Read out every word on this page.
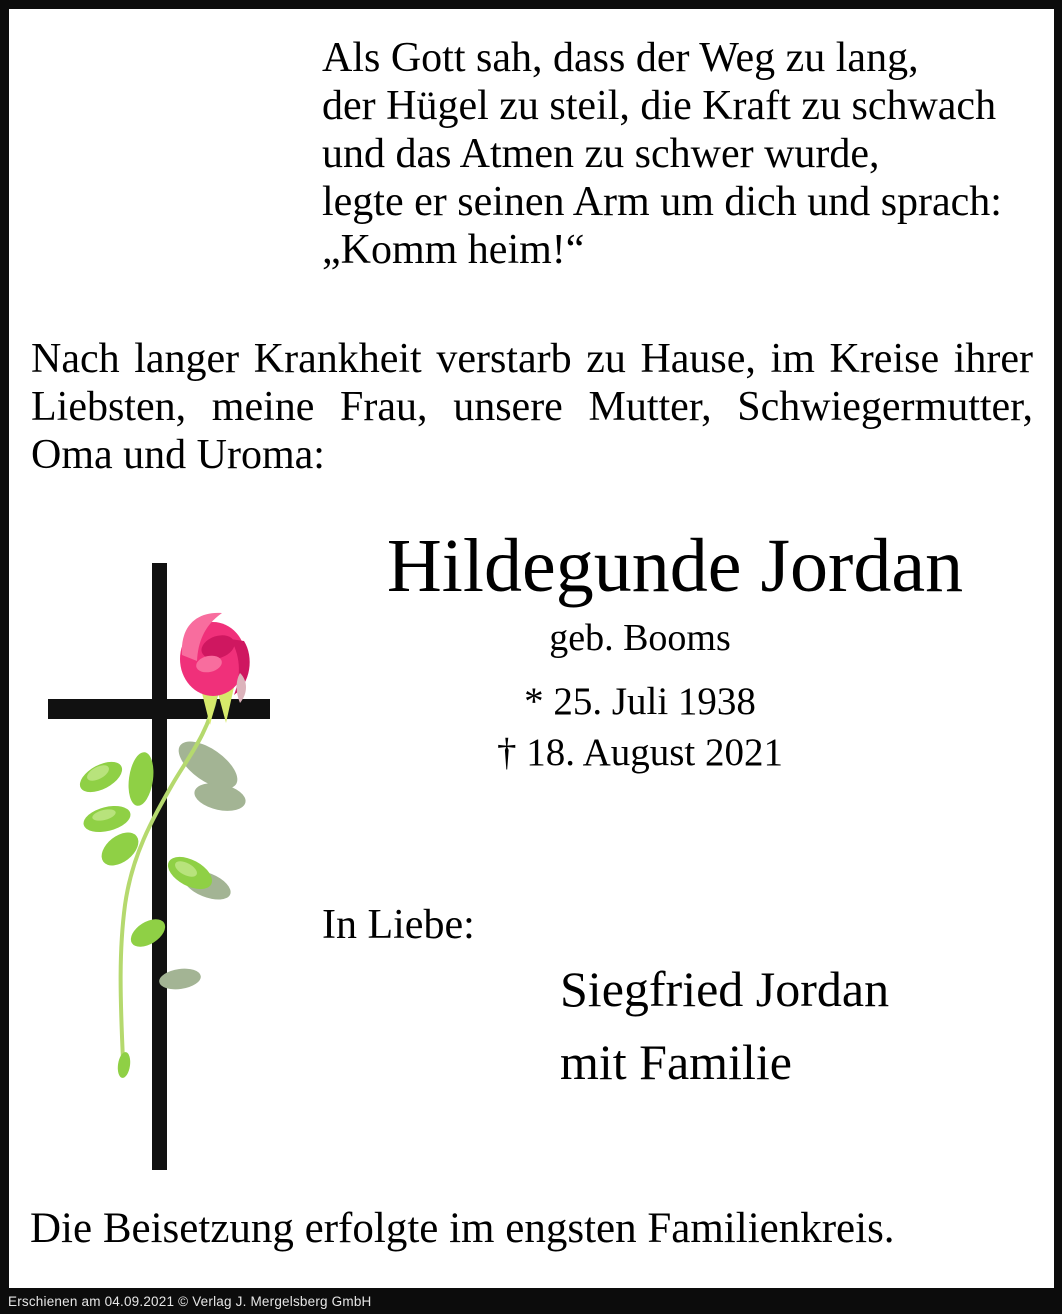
Als Gott sah, dass der Weg zu lang,
der Hügel zu steil, die Kraft zu schwach
und das Atmen zu schwer wurde,
legte er seinen Arm um dich und sprach:
„Komm heim!“
Nach langer Krankheit verstarb zu Hause, im Kreise ihrer
Liebsten, meine Frau, unsere Mutter, Schwiegermutter,
Oma und Uroma:
Hildegunde Jordan
geb. Booms
* 25. Juli 1938
† 18. August 2021
In Liebe:
Siegfried Jordan
mit Familie
Die Beisetzung erfolgte im engsten Familienkreis.
Erschienen am 04.09.2021 © Verlag J. Mergelsberg GmbH
